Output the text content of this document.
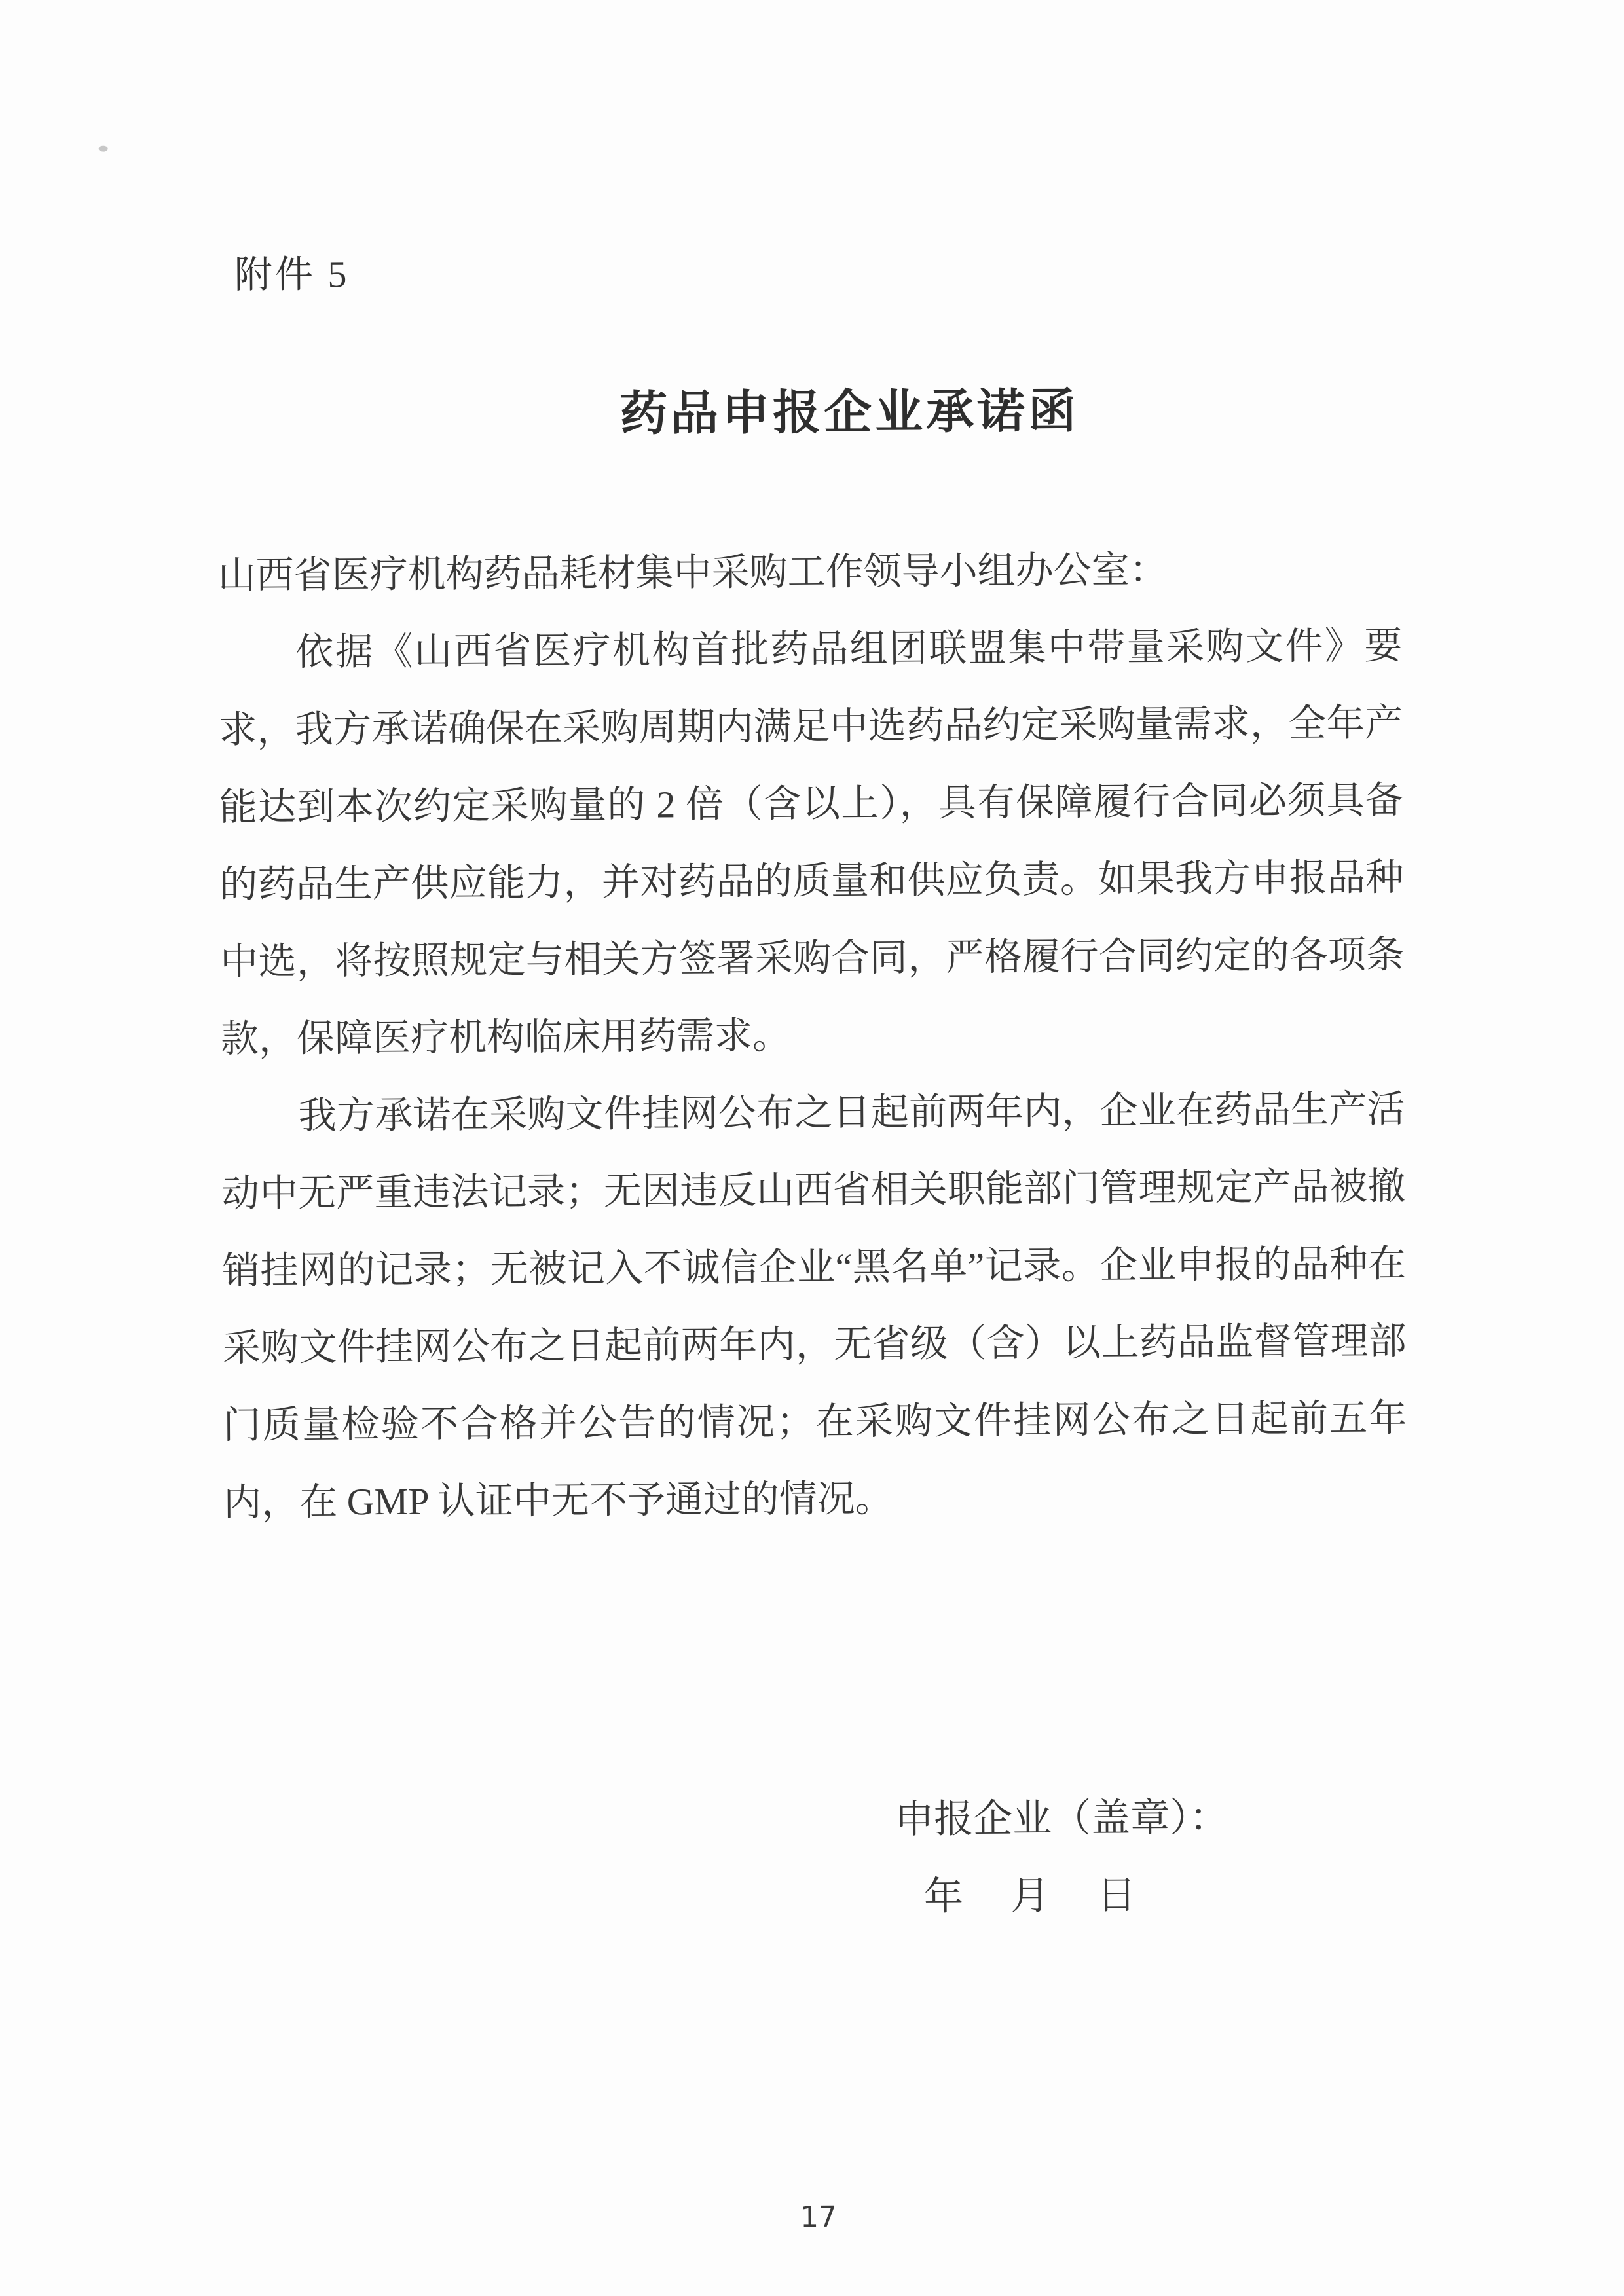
附件 5
药品申报企业承诺函

山西省医疗机构药品耗材集中采购工作领导小组办公室：

依据《山西省医疗机构首批药品组团联盟集中带量采购文件》要求，我方承诺确保在采购周期内满足中选药品约定采购量需求，全年产能达到本次约定采购量的 2 倍（含以上），具有保障履行合同必须具备的药品生产供应能力，并对药品的质量和供应负责。如果我方申报品种中选，将按照规定与相关方签署采购合同，严格履行合同约定的各项条款，保障医疗机构临床用药需求。

我方承诺在采购文件挂网公布之日起前两年内，企业在药品生产活动中无严重违法记录；无因违反山西省相关职能部门管理规定产品被撤销挂网的记录；无被记入不诚信企业“黑名单”记录。企业申报的品种在采购文件挂网公布之日起前两年内，无省级（含）以上药品监督管理部门质量检验不合格并公告的情况；在采购文件挂网公布之日起前五年内，在 GMP 认证中无不予通过的情况。

申报企业（盖章）：
年　月　日
17
